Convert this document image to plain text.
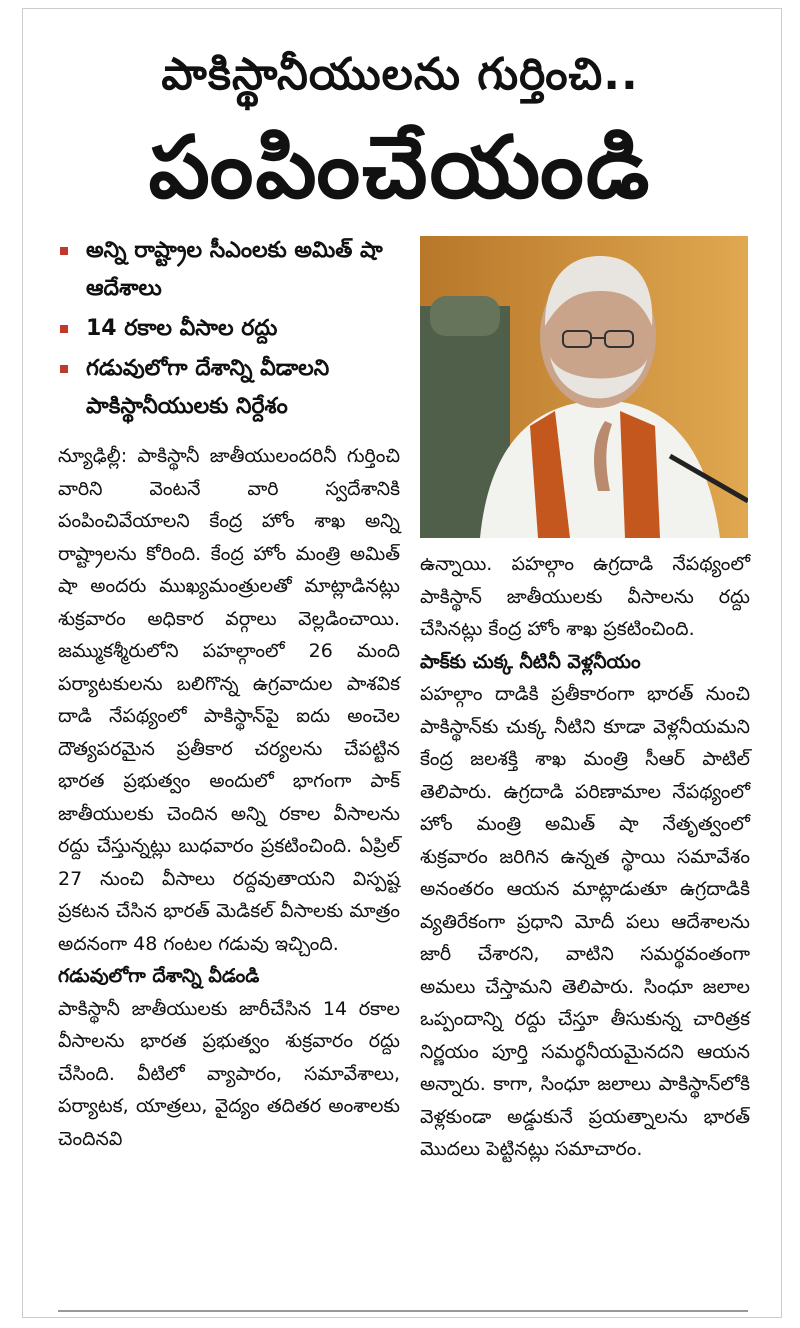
పాకిస్థానీయులను గుర్తించి..
పంపించేయండి
అన్ని రాష్ట్రాల సీఎంలకు అమిత్ షా ఆదేశాలు
14 రకాల వీసాల రద్దు
గడువులోగా దేశాన్ని వీడాలని పాకిస్థానీయులకు నిర్దేశం

న్యూఢిల్లీ: పాకిస్థానీ జాతీయులందరినీ గుర్తించి వారిని వెంటనే వారి స్వదేశానికి పంపించివేయాలని కేంద్ర హోం శాఖ అన్ని రాష్ట్రాలను కోరింది. కేంద్ర హోం మంత్రి అమిత్ షా అందరు ముఖ్యమంత్రులతో మాట్లాడినట్లు శుక్రవారం అధికార వర్గాలు వెల్లడించాయి. జమ్ముకశ్మీరులోని పహల్గాంలో 26 మంది పర్యాటకులను బలిగొన్న ఉగ్రవాదుల పాశవిక దాడి నేపథ్యంలో పాకిస్థాన్‌పై ఐదు అంచెల దౌత్యపరమైన ప్రతీకార చర్యలను చేపట్టిన భారత ప్రభుత్వం అందులో భాగంగా పాక్ జాతీయులకు చెందిన అన్ని రకాల వీసాలను రద్దు చేస్తున్నట్లు బుధవారం ప్రకటించింది. ఏప్రిల్ 27 నుంచి వీసాలు రద్దవుతాయని విస్పష్ట ప్రకటన చేసిన భారత్ మెడికల్ వీసాలకు మాత్రం అదనంగా 48 గంటల గడువు ఇచ్చింది.

గడువులోగా దేశాన్ని వీడండి

పాకిస్థానీ జాతీయులకు జారీచేసిన 14 రకాల వీసాలను భారత ప్రభుత్వం శుక్రవారం రద్దు చేసింది. వీటిలో వ్యాపారం, సమావేశాలు, పర్యాటక, యాత్రలు, వైద్యం తదితర అంశాలకు చెందినవి

ఉన్నాయి. పహల్గాం ఉగ్రదాడి నేపథ్యంలో పాకిస్థాన్ జాతీయులకు వీసాలను రద్దు చేసినట్లు కేంద్ర హోం శాఖ ప్రకటించింది.

పాక్‌కు చుక్క నీటినీ వెళ్లనీయం

పహల్గాం దాడికి ప్రతీకారంగా భారత్ నుంచి పాకిస్థాన్‌కు చుక్క నీటిని కూడా వెళ్లనీయమని కేంద్ర జలశక్తి శాఖ మంత్రి సీఆర్ పాటిల్ తెలిపారు. ఉగ్రదాడి పరిణామాల నేపథ్యంలో హోం మంత్రి అమిత్ షా నేతృత్వంలో శుక్రవారం జరిగిన ఉన్నత స్థాయి సమావేశం అనంతరం ఆయన మాట్లాడుతూ ఉగ్రదాడికి వ్యతిరేకంగా ప్రధాని మోదీ పలు ఆదేశాలను జారీ చేశారని, వాటిని సమర్థవంతంగా అమలు చేస్తామని తెలిపారు. సింధూ జలాల ఒప్పందాన్ని రద్దు చేస్తూ తీసుకున్న చారిత్రక నిర్ణయం పూర్తి సమర్థనీయమైనదని ఆయన అన్నారు. కాగా, సింధూ జలాలు పాకిస్థాన్‌లోకి వెళ్లకుండా అడ్డుకునే ప్రయత్నాలను భారత్ మొదలు పెట్టినట్లు సమాచారం.
